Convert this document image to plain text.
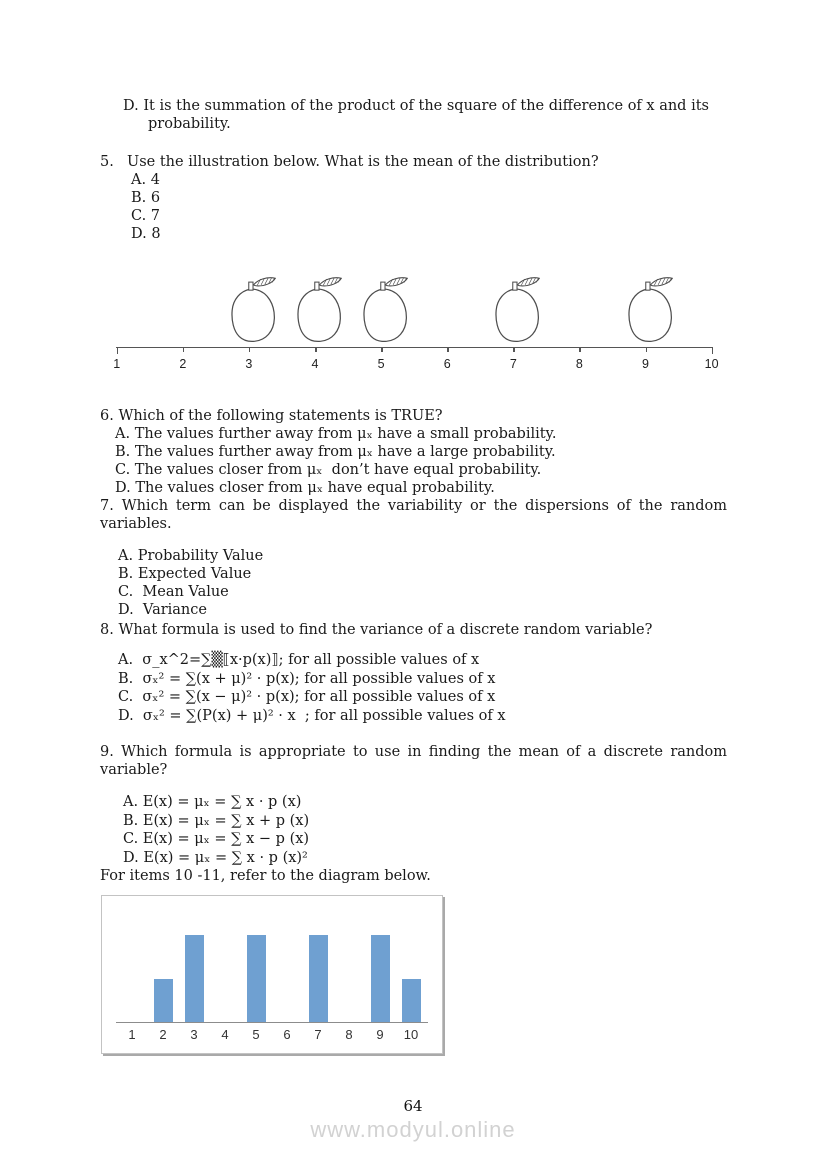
D. It is the summation of the product of the square of the difference of x and its probability.
5. Use the illustration below. What is the mean of the distribution?
A. 4
B. 6
C. 7
D. 8
1	2	3	4	5	6	7	8	9	10
6. Which of the following statements is TRUE?
A. The values further away from μₓ have a small probability.
B. The values further away from μₓ have a large probability.
C. The values closer from μₓ  don’t have equal probability.
D. The values closer from μₓ have equal probability.
7. Which term can be displayed the variability or the dispersions of the random variables.
A. Probability Value
B. Expected Value
C.  Mean Value
D.  Variance
8. What formula is used to find the variance of a discrete random variable?
A.  σ_x^2=∑▒⟦x·p(x)⟧; for all possible values of x
B.  σₓ² = ∑(x + μ)² · p(x); for all possible values of x
C.  σₓ² = ∑(x − μ)² · p(x); for all possible values of x
D.  σₓ² = ∑(P(x) + μ)² · x  ; for all possible values of x
9. Which formula is appropriate to use in finding the mean of a discrete random variable?
A. E(x) = μₓ = ∑ x · p (x)
B. E(x) = μₓ = ∑ x + p (x)
C. E(x) = μₓ = ∑ x − p (x)
D. E(x) = μₓ = ∑ x · p (x)²
For items 10 -11, refer to the diagram below.
1	2	3	4	5	6	7	8	9	10
64
www.modyul.online
